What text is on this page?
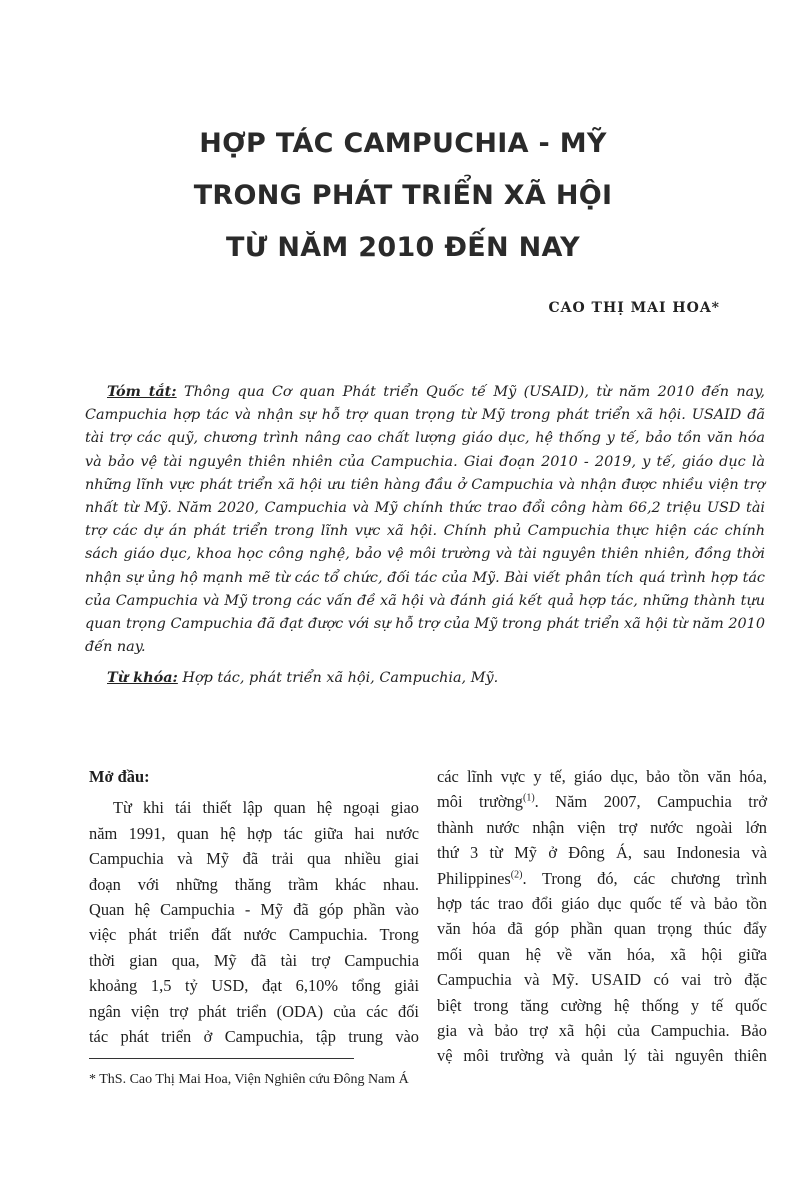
HỢP TÁC CAMPUCHIA - MỸ
TRONG PHÁT TRIỂN XÃ HỘI
TỪ NĂM 2010 ĐẾN NAY
CAO THỊ MAI HOA*
Tóm tắt: Thông qua Cơ quan Phát triển Quốc tế Mỹ (USAID), từ năm 2010 đến nay, Campuchia hợp tác và nhận sự hỗ trợ quan trọng từ Mỹ trong phát triển xã hội. USAID đã tài trợ các quỹ, chương trình nâng cao chất lượng giáo dục, hệ thống y tế, bảo tồn văn hóa và bảo vệ tài nguyên thiên nhiên của Campuchia. Giai đoạn 2010 - 2019, y tế, giáo dục là những lĩnh vực phát triển xã hội ưu tiên hàng đầu ở Campuchia và nhận được nhiều viện trợ nhất từ Mỹ. Năm 2020, Campuchia và Mỹ chính thức trao đổi công hàm 66,2 triệu USD tài trợ các dự án phát triển trong lĩnh vực xã hội. Chính phủ Campuchia thực hiện các chính sách giáo dục, khoa học công nghệ, bảo vệ môi trường và tài nguyên thiên nhiên, đồng thời nhận sự ủng hộ mạnh mẽ từ các tổ chức, đối tác của Mỹ. Bài viết phân tích quá trình hợp tác của Campuchia và Mỹ trong các vấn đề xã hội và đánh giá kết quả hợp tác, những thành tựu quan trọng Campuchia đã đạt được với sự hỗ trợ của Mỹ trong phát triển xã hội từ năm 2010 đến nay.
Từ khóa: Hợp tác, phát triển xã hội, Campuchia, Mỹ.
Mở đầu:
Từ khi tái thiết lập quan hệ ngoại giao
năm 1991, quan hệ hợp tác giữa hai nước
Campuchia và Mỹ đã trải qua nhiều giai
đoạn với những thăng trầm khác nhau.
Quan hệ Campuchia - Mỹ đã góp phần vào
việc phát triển đất nước Campuchia. Trong
thời gian qua, Mỹ đã tài trợ Campuchia
khoảng 1,5 tỷ USD, đạt 6,10% tổng giải
ngân viện trợ phát triển (ODA) của các đối
tác phát triển ở Campuchia, tập trung vào
các lĩnh vực y tế, giáo dục, bảo tồn văn hóa,
môi trường$^{(1)}$. Năm 2007, Campuchia trở
thành nước nhận viện trợ nước ngoài lớn
thứ 3 từ Mỹ ở Đông Á, sau Indonesia và
Philippines$^{(2)}$. Trong đó, các chương trình
hợp tác trao đổi giáo dục quốc tế và bảo tồn
văn hóa đã góp phần quan trọng thúc đẩy
mối quan hệ về văn hóa, xã hội giữa
Campuchia và Mỹ. USAID có vai trò đặc
biệt trong tăng cường hệ thống y tế quốc
gia và bảo trợ xã hội của Campuchia. Bảo
vệ môi trường và quản lý tài nguyên thiên
* ThS. Cao Thị Mai Hoa, Viện Nghiên cứu Đông Nam Á
